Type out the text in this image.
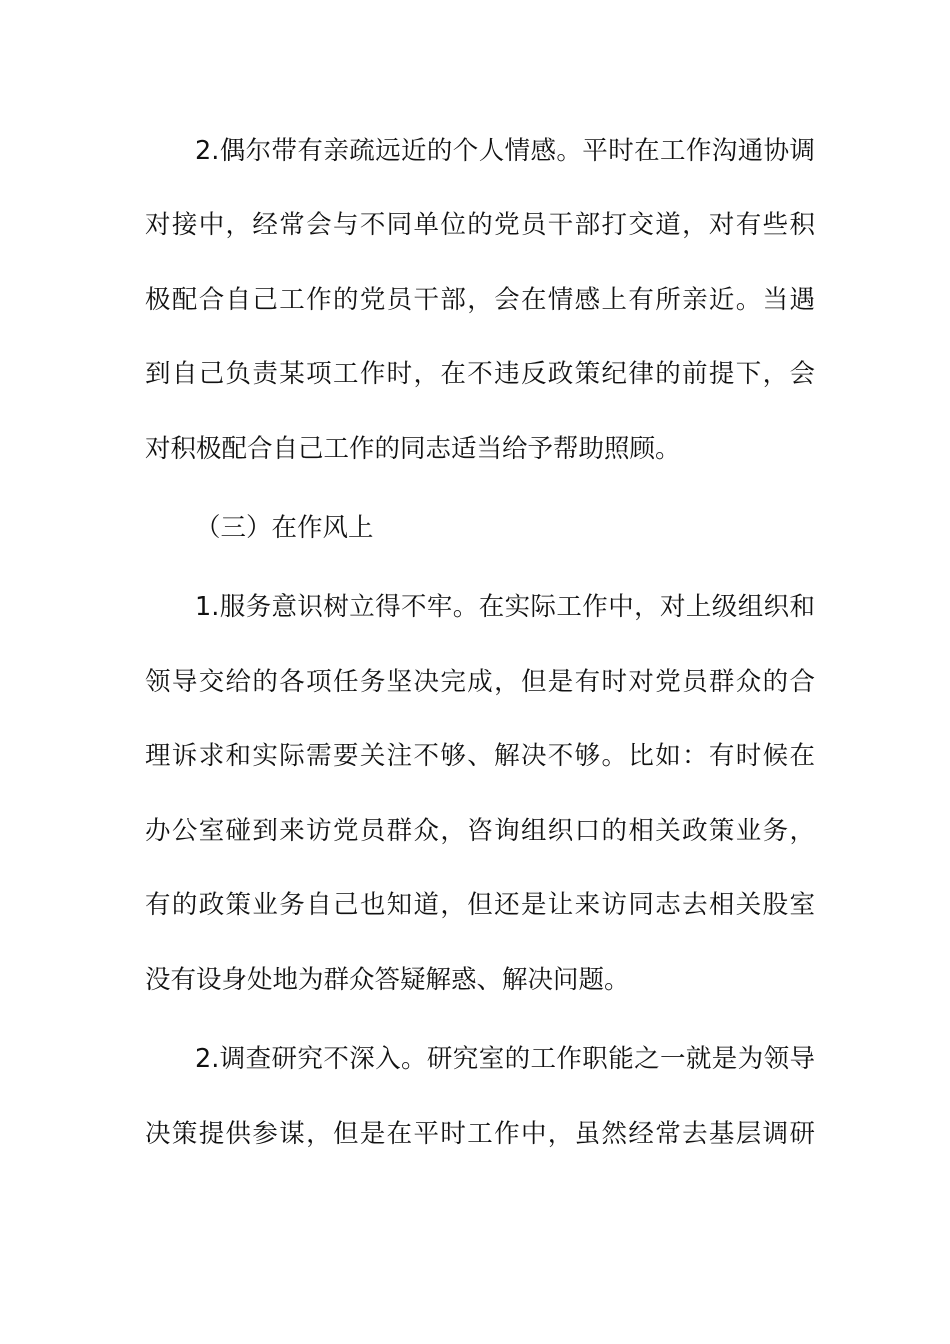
2.偶尔带有亲疏远近的个人情感。平时在工作沟通协调
对接中，经常会与不同单位的党员干部打交道，对有些积
极配合自己工作的党员干部，会在情感上有所亲近。当遇
到自己负责某项工作时，在不违反政策纪律的前提下，会
对积极配合自己工作的同志适当给予帮助照顾。
（三）在作风上
1.服务意识树立得不牢。在实际工作中，对上级组织和
领导交给的各项任务坚决完成，但是有时对党员群众的合
理诉求和实际需要关注不够、解决不够。比如：有时候在
办公室碰到来访党员群众，咨询组织口的相关政策业务，
有的政策业务自己也知道，但还是让来访同志去相关股室
没有设身处地为群众答疑解惑、解决问题。
2.调查研究不深入。研究室的工作职能之一就是为领导
决策提供参谋，但是在平时工作中，虽然经常去基层调研
